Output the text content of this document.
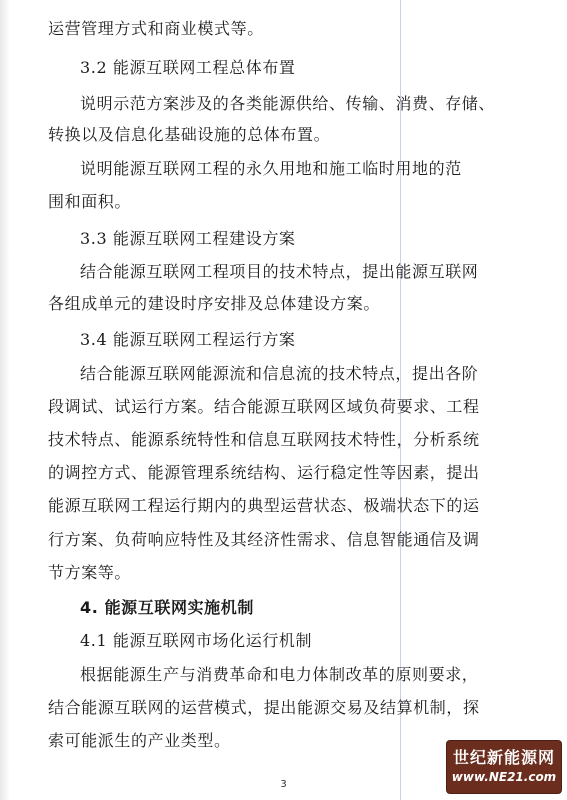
运营管理方式和商业模式等。
3.2 能源互联网工程总体布置
说明示范方案涉及的各类能源供给、传输、消费、存储、
转换以及信息化基础设施的总体布置。
说明能源互联网工程的永久用地和施工临时用地的范
围和面积。
3.3 能源互联网工程建设方案
结合能源互联网工程项目的技术特点，提出能源互联网
各组成单元的建设时序安排及总体建设方案。
3.4 能源互联网工程运行方案
结合能源互联网能源流和信息流的技术特点，提出各阶
段调试、试运行方案。结合能源互联网区域负荷要求、工程
技术特点、能源系统特性和信息互联网技术特性，分析系统
的调控方式、能源管理系统结构、运行稳定性等因素，提出
能源互联网工程运行期内的典型运营状态、极端状态下的运
行方案、负荷响应特性及其经济性需求、信息智能通信及调
节方案等。
4. 能源互联网实施机制
4.1 能源互联网市场化运行机制
根据能源生产与消费革命和电力体制改革的原则要求，
结合能源互联网的运营模式，提出能源交易及结算机制，探
索可能派生的产业类型。
3
世纪新能源网
www.NE21.com
